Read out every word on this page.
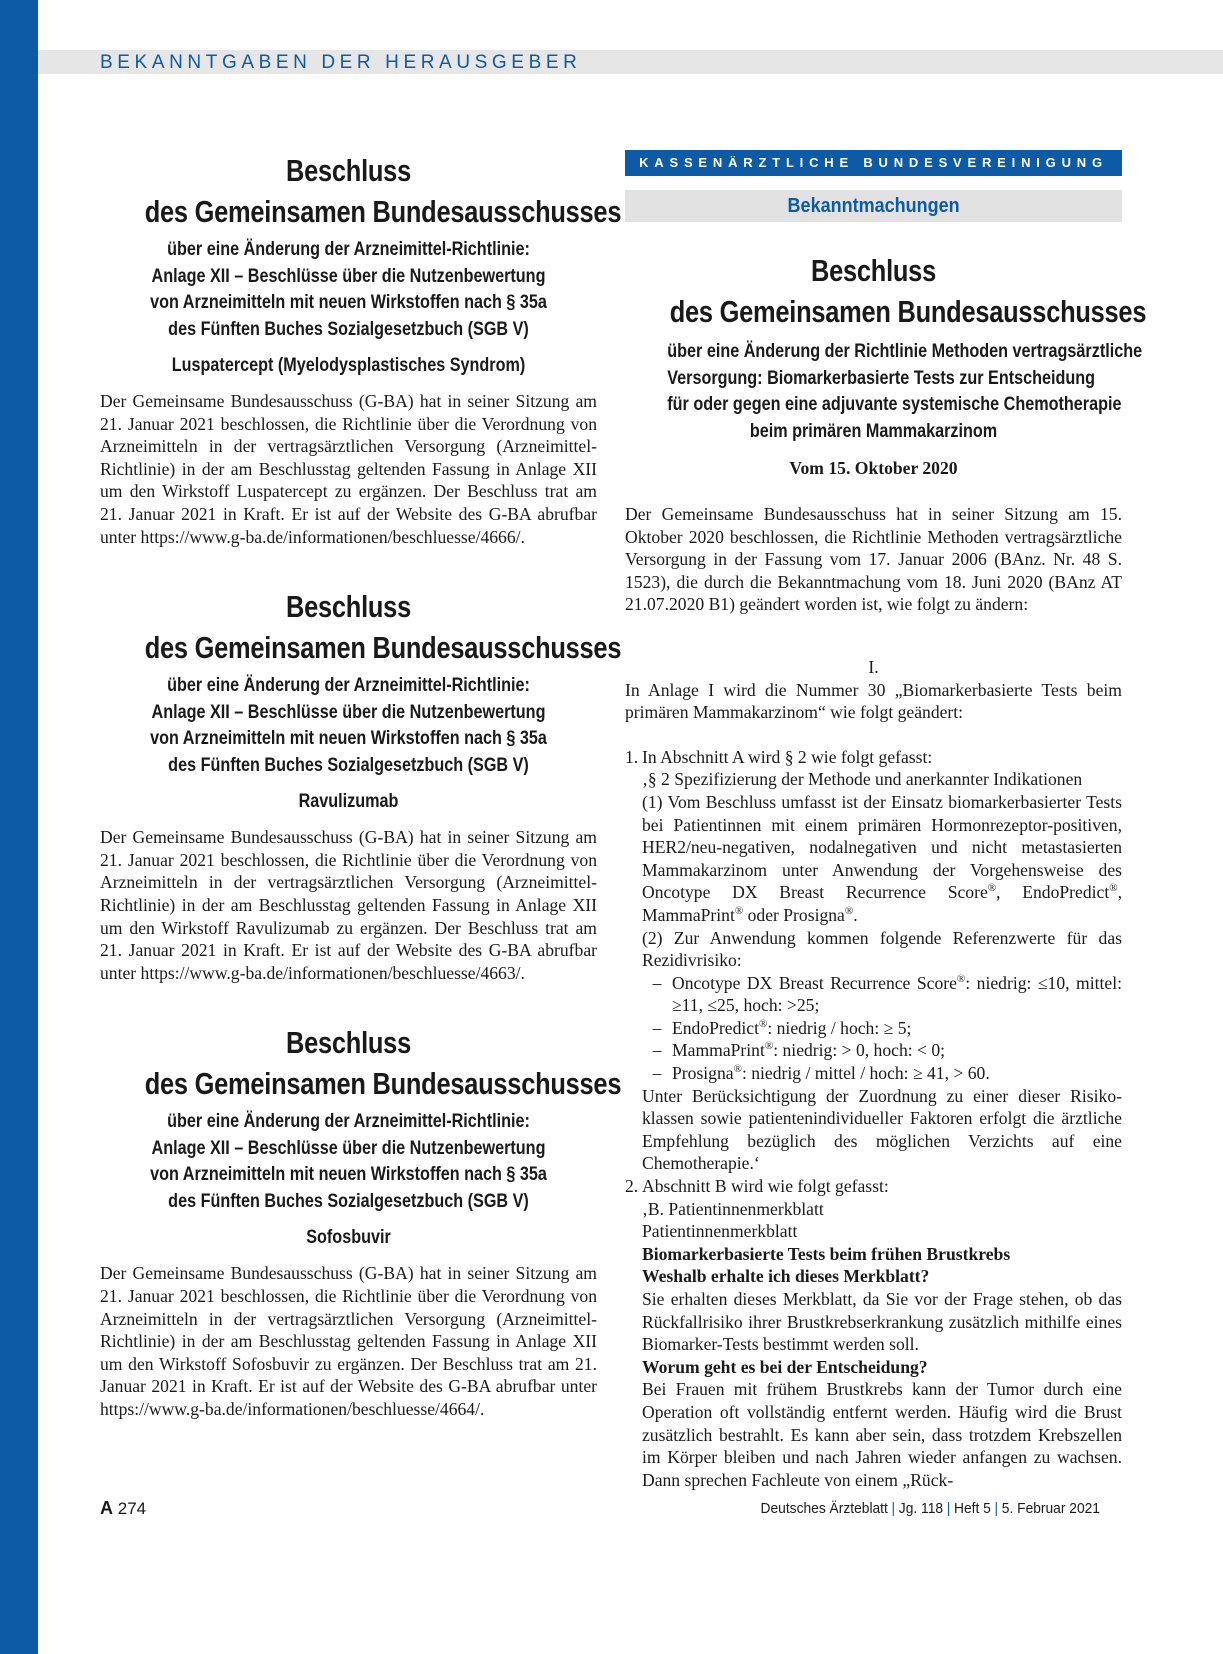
BEKANNTGABEN DER HERAUSGEBER
Beschluss
des Gemeinsamen Bundesausschusses
über eine Änderung der Arzneimittel-Richtlinie:
Anlage XII – Beschlüsse über die Nutzenbewertung
von Arzneimitteln mit neuen Wirkstoffen nach § 35a
des Fünften Buches Sozialgesetzbuch (SGB V)
Luspatercept (Myelodysplastisches Syndrom)

Der Gemeinsame Bundesausschuss (G-BA) hat in seiner Sitzung am 21. Januar 2021 beschlossen, die Richtlinie über die Verordnung von Arzneimitteln in der vertragsärztlichen Versorgung (Arzneimittel-Richtlinie) in der am Beschlusstag geltenden Fassung in Anlage XII um den Wirkstoff Luspatercept zu ergänzen. Der Beschluss trat am 21. Januar 2021 in Kraft. Er ist auf der Website des G-BA abrufbar unter https://www.g-ba.de/informationen/beschluesse/4666/.

Beschluss
des Gemeinsamen Bundesausschusses
über eine Änderung der Arzneimittel-Richtlinie:
Anlage XII – Beschlüsse über die Nutzenbewertung
von Arzneimitteln mit neuen Wirkstoffen nach § 35a
des Fünften Buches Sozialgesetzbuch (SGB V)
Ravulizumab

Der Gemeinsame Bundesausschuss (G-BA) hat in seiner Sitzung am 21. Januar 2021 beschlossen, die Richtlinie über die Verordnung von Arzneimitteln in der vertragsärztlichen Versorgung (Arzneimittel-Richtlinie) in der am Beschlusstag geltenden Fassung in Anlage XII um den Wirkstoff Ravulizumab zu ergänzen. Der Beschluss trat am 21. Januar 2021 in Kraft. Er ist auf der Website des G-BA abrufbar unter https://www.g-ba.de/informationen/beschluesse/4663/.

Beschluss
des Gemeinsamen Bundesausschusses
über eine Änderung der Arzneimittel-Richtlinie:
Anlage XII – Beschlüsse über die Nutzenbewertung
von Arzneimitteln mit neuen Wirkstoffen nach § 35a
des Fünften Buches Sozialgesetzbuch (SGB V)
Sofosbuvir

Der Gemeinsame Bundesausschuss (G-BA) hat in seiner Sitzung am 21. Januar 2021 beschlossen, die Richtlinie über die Verordnung von Arzneimitteln in der vertragsärztlichen Versorgung (Arzneimittel-Richtlinie) in der am Beschlusstag geltenden Fassung in Anlage XII um den Wirkstoff Sofosbuvir zu ergänzen. Der Beschluss trat am 21. Januar 2021 in Kraft. Er ist auf der Website des G-BA abrufbar unter https://www.g-ba.de/informationen/beschluesse/4664/.

KASSENÄRZTLICHE BUNDESVEREINIGUNG
Bekanntmachungen
Beschluss
des Gemeinsamen Bundesausschusses
über eine Änderung der Richtlinie Methoden vertragsärztliche
Versorgung: Biomarkerbasierte Tests zur Entscheidung
für oder gegen eine adjuvante systemische Chemotherapie
beim primären Mammakarzinom
Vom 15. Oktober 2020

Der Gemeinsame Bundesausschuss hat in seiner Sitzung am 15. Oktober 2020 beschlossen, die Richtlinie Methoden vertragsärztliche Versorgung in der Fassung vom 17. Januar 2006 (BAnz. Nr. 48 S. 1523), die durch die Bekanntmachung vom 18. Juni 2020 (BAnz AT 21.07.2020 B1) geändert worden ist, wie folgt zu ändern:

I.

In Anlage I wird die Nummer 30 „Biomarkerbasierte Tests beim primären Mammakarzinom“ wie folgt geändert:

1. In Abschnitt A wird § 2 wie folgt gefasst:
‚§ 2 Spezifizierung der Methode und anerkannter Indikationen

(1) Vom Beschluss umfasst ist der Einsatz biomarkerbasierter Tests bei Patientinnen mit einem primären Hormonrezeptor-positiven, HER2/neu-negativen, nodalnegativen und nicht metastasierten Mammakarzinom unter Anwendung der Vorgehensweise des Oncotype DX Breast Recurrence Score®, EndoPredict®, MammaPrint® oder Prosigna®.

(2) Zur Anwendung kommen folgende Referenzwerte für das Rezidivrisiko:

– Oncotype DX Breast Recurrence Score®: niedrig: ≤10, mittel: ≥11, ≤25, hoch: >25;
– EndoPredict®: niedrig / hoch: ≥ 5;
– MammaPrint®: niedrig: > 0, hoch: < 0;
– Prosigna®: niedrig / mittel / hoch: ≥ 41, > 60.

Unter Berücksichtigung der Zuordnung zu einer dieser Risikoklassen sowie patientenindividueller Faktoren erfolgt die ärztliche Empfehlung bezüglich des möglichen Verzichts auf eine Chemotherapie.‘

2. Abschnitt B wird wie folgt gefasst:
‚B. Patientinnenmerkblatt
Patientinnenmerkblatt
Biomarkerbasierte Tests beim frühen Brustkrebs
Weshalb erhalte ich dieses Merkblatt?

Sie erhalten dieses Merkblatt, da Sie vor der Frage stehen, ob das Rückfallrisiko ihrer Brustkrebserkrankung zusätzlich mithilfe eines Biomarker-Tests bestimmt werden soll.

Worum geht es bei der Entscheidung?

Bei Frauen mit frühem Brustkrebs kann der Tumor durch eine Operation oft vollständig entfernt werden. Häufig wird die Brust zusätzlich bestrahlt. Es kann aber sein, dass trotzdem Krebszellen im Körper bleiben und nach Jahren wieder anfangen zu wachsen. Dann sprechen Fachleute von einem „Rück-

A 274	Deutsches Ärzteblatt | Jg. 118 | Heft 5 | 5. Februar 2021
